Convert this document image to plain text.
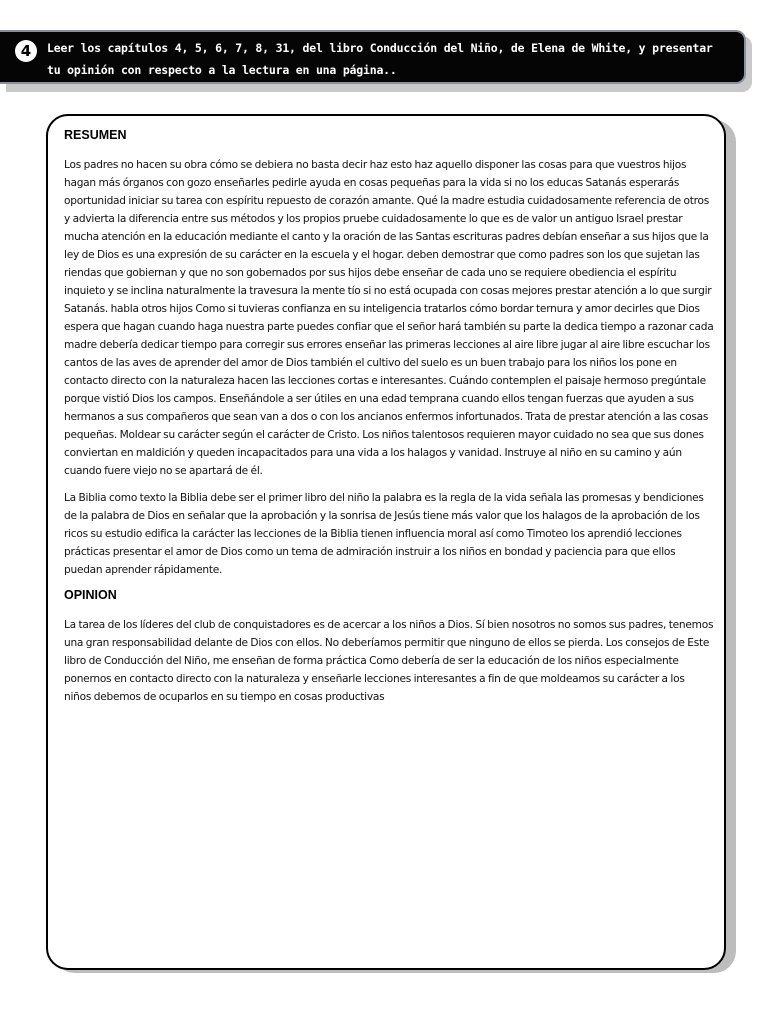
4	Leer los capítulos 4, 5, 6, 7, 8, 31, del libro Conducción del Niño, de Elena de White, y presentar
tu opinión con respecto a la lectura en una página..
RESUMEN

Los padres no hacen su obra cómo se debiera no basta decir haz esto haz aquello disponer las cosas para que vuestros hijos hagan más órganos con gozo enseñarles pedirle ayuda en cosas pequeñas para la vida si no los educas Satanás esperarás oportunidad iniciar su tarea con espíritu repuesto de corazón amante. Qué la madre estudia cuidadosamente referencia de otros y advierta la diferencia entre sus métodos y los propios pruebe cuidadosamente lo que es de valor un antiguo Israel prestar mucha atención en la educación mediante el canto y la oración de las Santas escrituras padres debían enseñar a sus hijos que la ley de Dios es una expresión de su carácter en la escuela y el hogar. deben demostrar que como padres son los que sujetan las riendas que gobiernan y que no son gobernados por sus hijos debe enseñar de cada uno se requiere obediencia el espíritu inquieto y se inclina naturalmente la travesura la mente tío si no está ocupada con cosas mejores prestar atención a lo que surgir Satanás. habla otros hijos Como si tuvieras confianza en su inteligencia tratarlos cómo bordar ternura y amor decirles que Dios espera que hagan cuando haga nuestra parte puedes confiar que el señor hará también su parte la dedica tiempo a razonar cada madre debería dedicar tiempo para corregir sus errores enseñar las primeras lecciones al aire libre jugar al aire libre escuchar los cantos de las aves de aprender del amor de Dios también el cultivo del suelo es un buen trabajo para los niños los pone en contacto directo con la naturaleza hacen las lecciones cortas e interesantes. Cuándo contemplen el paisaje hermoso pregúntale porque vistió Dios los campos. Enseñándole a ser útiles en una edad temprana cuando ellos tengan fuerzas que ayuden a sus hermanos a sus compañeros que sean van a dos o con los ancianos enfermos infortunados. Trata de prestar atención a las cosas pequeñas. Moldear su carácter según el carácter de Cristo. Los niños talentosos requieren mayor cuidado no sea que sus dones conviertan en maldición y queden incapacitados para una vida a los halagos y vanidad. Instruye al niño en su camino y aún cuando fuere viejo no se apartará de él.

La Biblia como texto la Biblia debe ser el primer libro del niño la palabra es la regla de la vida señala las promesas y bendiciones de la palabra de Dios en señalar que la aprobación y la sonrisa de Jesús tiene más valor que los halagos de la aprobación de los ricos su estudio edifica la carácter las lecciones de la Biblia tienen influencia moral así como Timoteo los aprendió lecciones prácticas presentar el amor de Dios como un tema de admiración instruir a los niños en bondad y paciencia para que ellos puedan aprender rápidamente.

OPINION

La tarea de los líderes del club de conquistadores es de acercar a los niños a Dios. Sí bien nosotros no somos sus padres, tenemos una gran responsabilidad delante de Dios con ellos. No deberíamos permitir que ninguno de ellos se pierda. Los consejos de Este libro de Conducción del Niño, me enseñan de forma práctica Como debería de ser la educación de los niños especialmente ponernos en contacto directo con la naturaleza y enseñarle lecciones interesantes a fin de que moldeamos su carácter a los niños debemos de ocuparlos en su tiempo en cosas productivas
